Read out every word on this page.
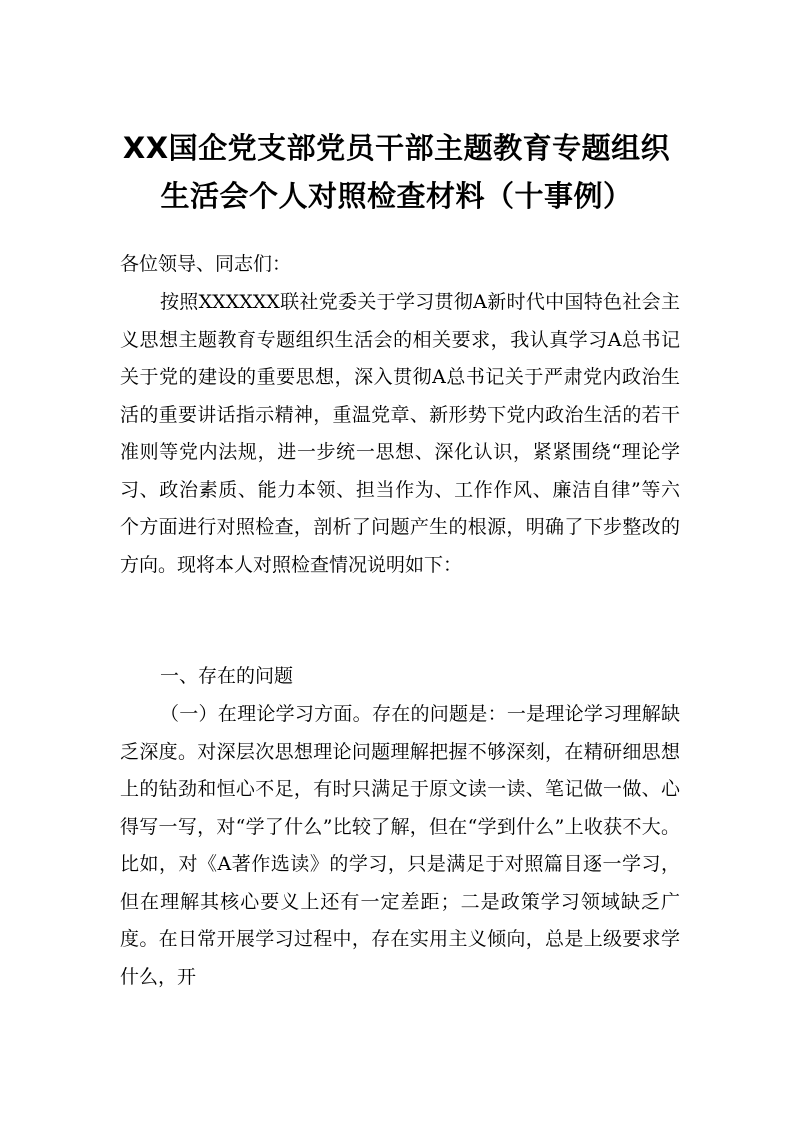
XX国企党支部党员干部主题教育专题组织
生活会个人对照检查材料（十事例）

各位领导、同志们：

按照XXXXXX联社党委关于学习贯彻A新时代中国特色社会主义思想主题教育专题组织生活会的相关要求，我认真学习A总书记关于党的建设的重要思想，深入贯彻A总书记关于严肃党内政治生活的重要讲话指示精神，重温党章、新形势下党内政治生活的若干准则等党内法规，进一步统一思想、深化认识，紧紧围绕“理论学习、政治素质、能力本领、担当作为、工作作风、廉洁自律”等六个方面进行对照检查，剖析了问题产生的根源，明确了下步整改的方向。现将本人对照检查情况说明如下：

一、存在的问题

（一）在理论学习方面。存在的问题是：一是理论学习理解缺乏深度。对深层次思想理论问题理解把握不够深刻，在精研细思想上的钻劲和恒心不足，有时只满足于原文读一读、笔记做一做、心得写一写，对“学了什么”比较了解，但在“学到什么”上收获不大。比如，对《A著作选读》的学习，只是满足于对照篇目逐一学习，但在理解其核心要义上还有一定差距；二是政策学习领域缺乏广度。在日常开展学习过程中，存在实用主义倾向，总是上级要求学什么，开
